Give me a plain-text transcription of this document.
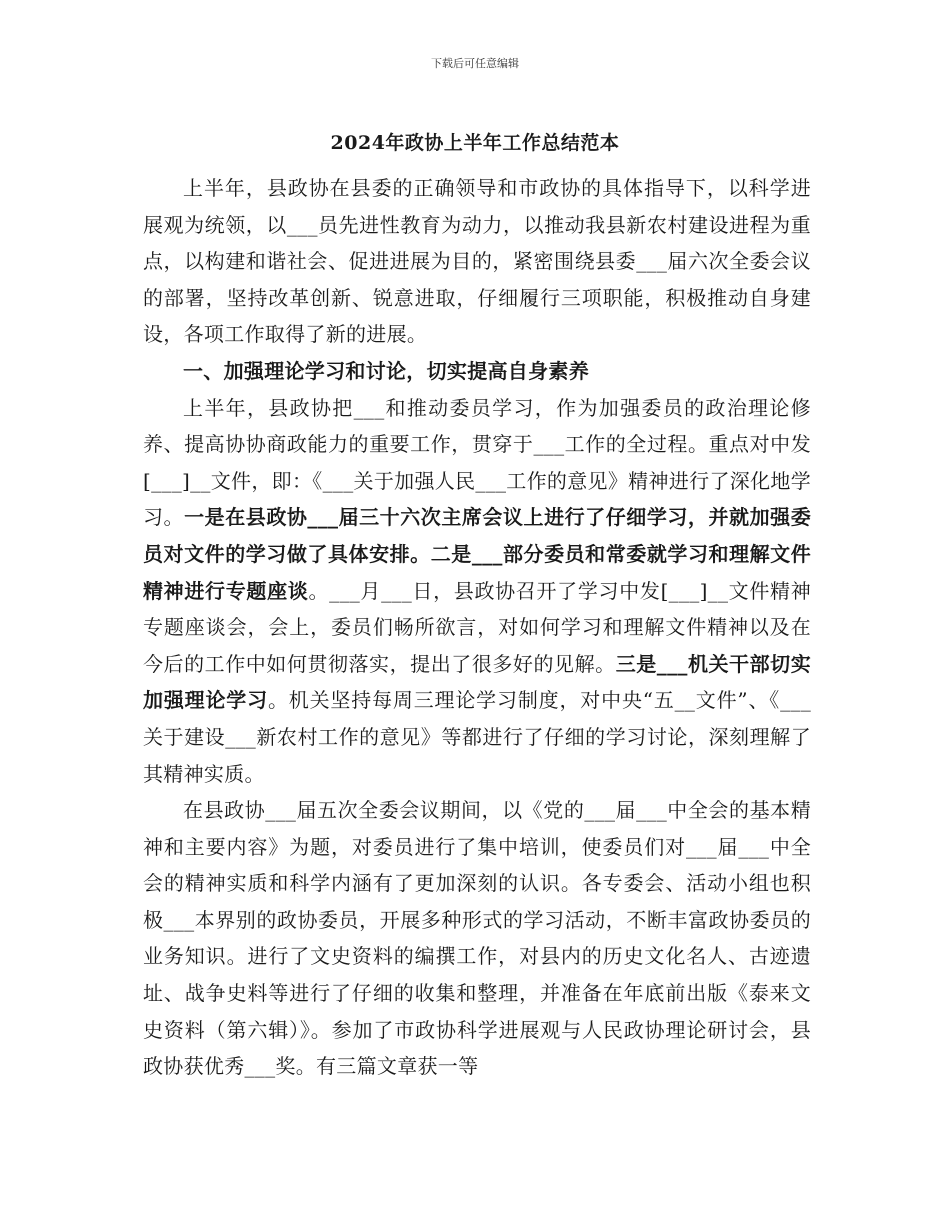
下载后可任意编辑
2024年政协上半年工作总结范本

上半年，县政协在县委的正确领导和市政协的具体指导下，以科学进展观为统领，以___员先进性教育为动力，以推动我县新农村建设进程为重点，以构建和谐社会、促进进展为目的，紧密围绕县委___届六次全委会议的部署，坚持改革创新、锐意进取，仔细履行三项职能，积极推动自身建设，各项工作取得了新的进展。

一、加强理论学习和讨论，切实提高自身素养

上半年，县政协把___和推动委员学习，作为加强委员的政治理论修养、提高协协商政能力的重要工作，贯穿于___工作的全过程。重点对中发[___]__文件，即：《___关于加强人民___工作的意见》精神进行了深化地学习。一是在县政协___届三十六次主席会议上进行了仔细学习，并就加强委员对文件的学习做了具体安排。二是___部分委员和常委就学习和理解文件精神进行专题座谈。___月___日，县政协召开了学习中发[___]__文件精神专题座谈会，会上，委员们畅所欲言，对如何学习和理解文件精神以及在今后的工作中如何贯彻落实，提出了很多好的见解。三是___机关干部切实加强理论学习。机关坚持每周三理论学习制度，对中央“五__文件”、《___关于建设___新农村工作的意见》等都进行了仔细的学习讨论，深刻理解了其精神实质。

在县政协___届五次全委会议期间，以《党的___届___中全会的基本精神和主要内容》为题，对委员进行了集中培训，使委员们对___届___中全会的精神实质和科学内涵有了更加深刻的认识。各专委会、活动小组也积极___本界别的政协委员，开展多种形式的学习活动，不断丰富政协委员的业务知识。进行了文史资料的编撰工作，对县内的历史文化名人、古迹遗址、战争史料等进行了仔细的收集和整理，并准备在年底前出版《泰来文史资料（第六辑）》。参加了市政协科学进展观与人民政协理论研讨会，县政协获优秀___奖。有三篇文章获一等
